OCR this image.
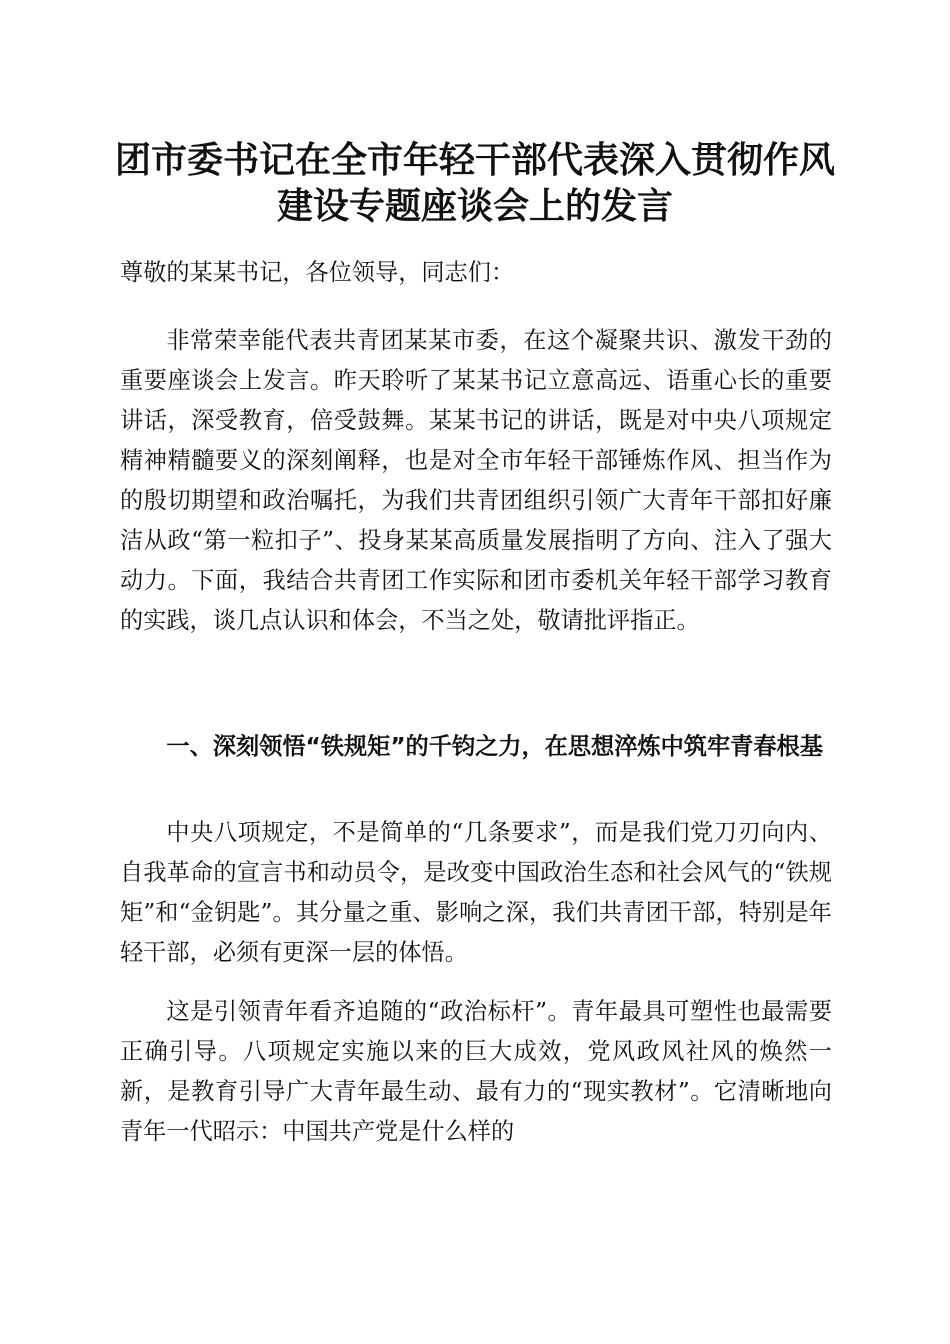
团市委书记在全市年轻干部代表深入贯彻作风
建设专题座谈会上的发言

尊敬的某某书记，各位领导，同志们：

非常荣幸能代表共青团某某市委，在这个凝聚共识、激发干劲的重要座谈会上发言。昨天聆听了某某书记立意高远、语重心长的重要讲话，深受教育，倍受鼓舞。某某书记的讲话，既是对中央八项规定精神精髓要义的深刻阐释，也是对全市年轻干部锤炼作风、担当作为的殷切期望和政治嘱托，为我们共青团组织引领广大青年干部扣好廉洁从政“第一粒扣子”、投身某某高质量发展指明了方向、注入了强大动力。下面，我结合共青团工作实际和团市委机关年轻干部学习教育的实践，谈几点认识和体会，不当之处，敬请批评指正。

一、深刻领悟“铁规矩”的千钧之力，在思想淬炼中筑牢青春根基

中央八项规定，不是简单的“几条要求”，而是我们党刀刃向内、自我革命的宣言书和动员令，是改变中国政治生态和社会风气的“铁规矩”和“金钥匙”。其分量之重、影响之深，我们共青团干部，特别是年轻干部，必须有更深一层的体悟。

这是引领青年看齐追随的“政治标杆”。青年最具可塑性也最需要正确引导。八项规定实施以来的巨大成效，党风政风社风的焕然一新，是教育引导广大青年最生动、最有力的“现实教材”。它清晰地向青年一代昭示：中国共产党是什么样的
